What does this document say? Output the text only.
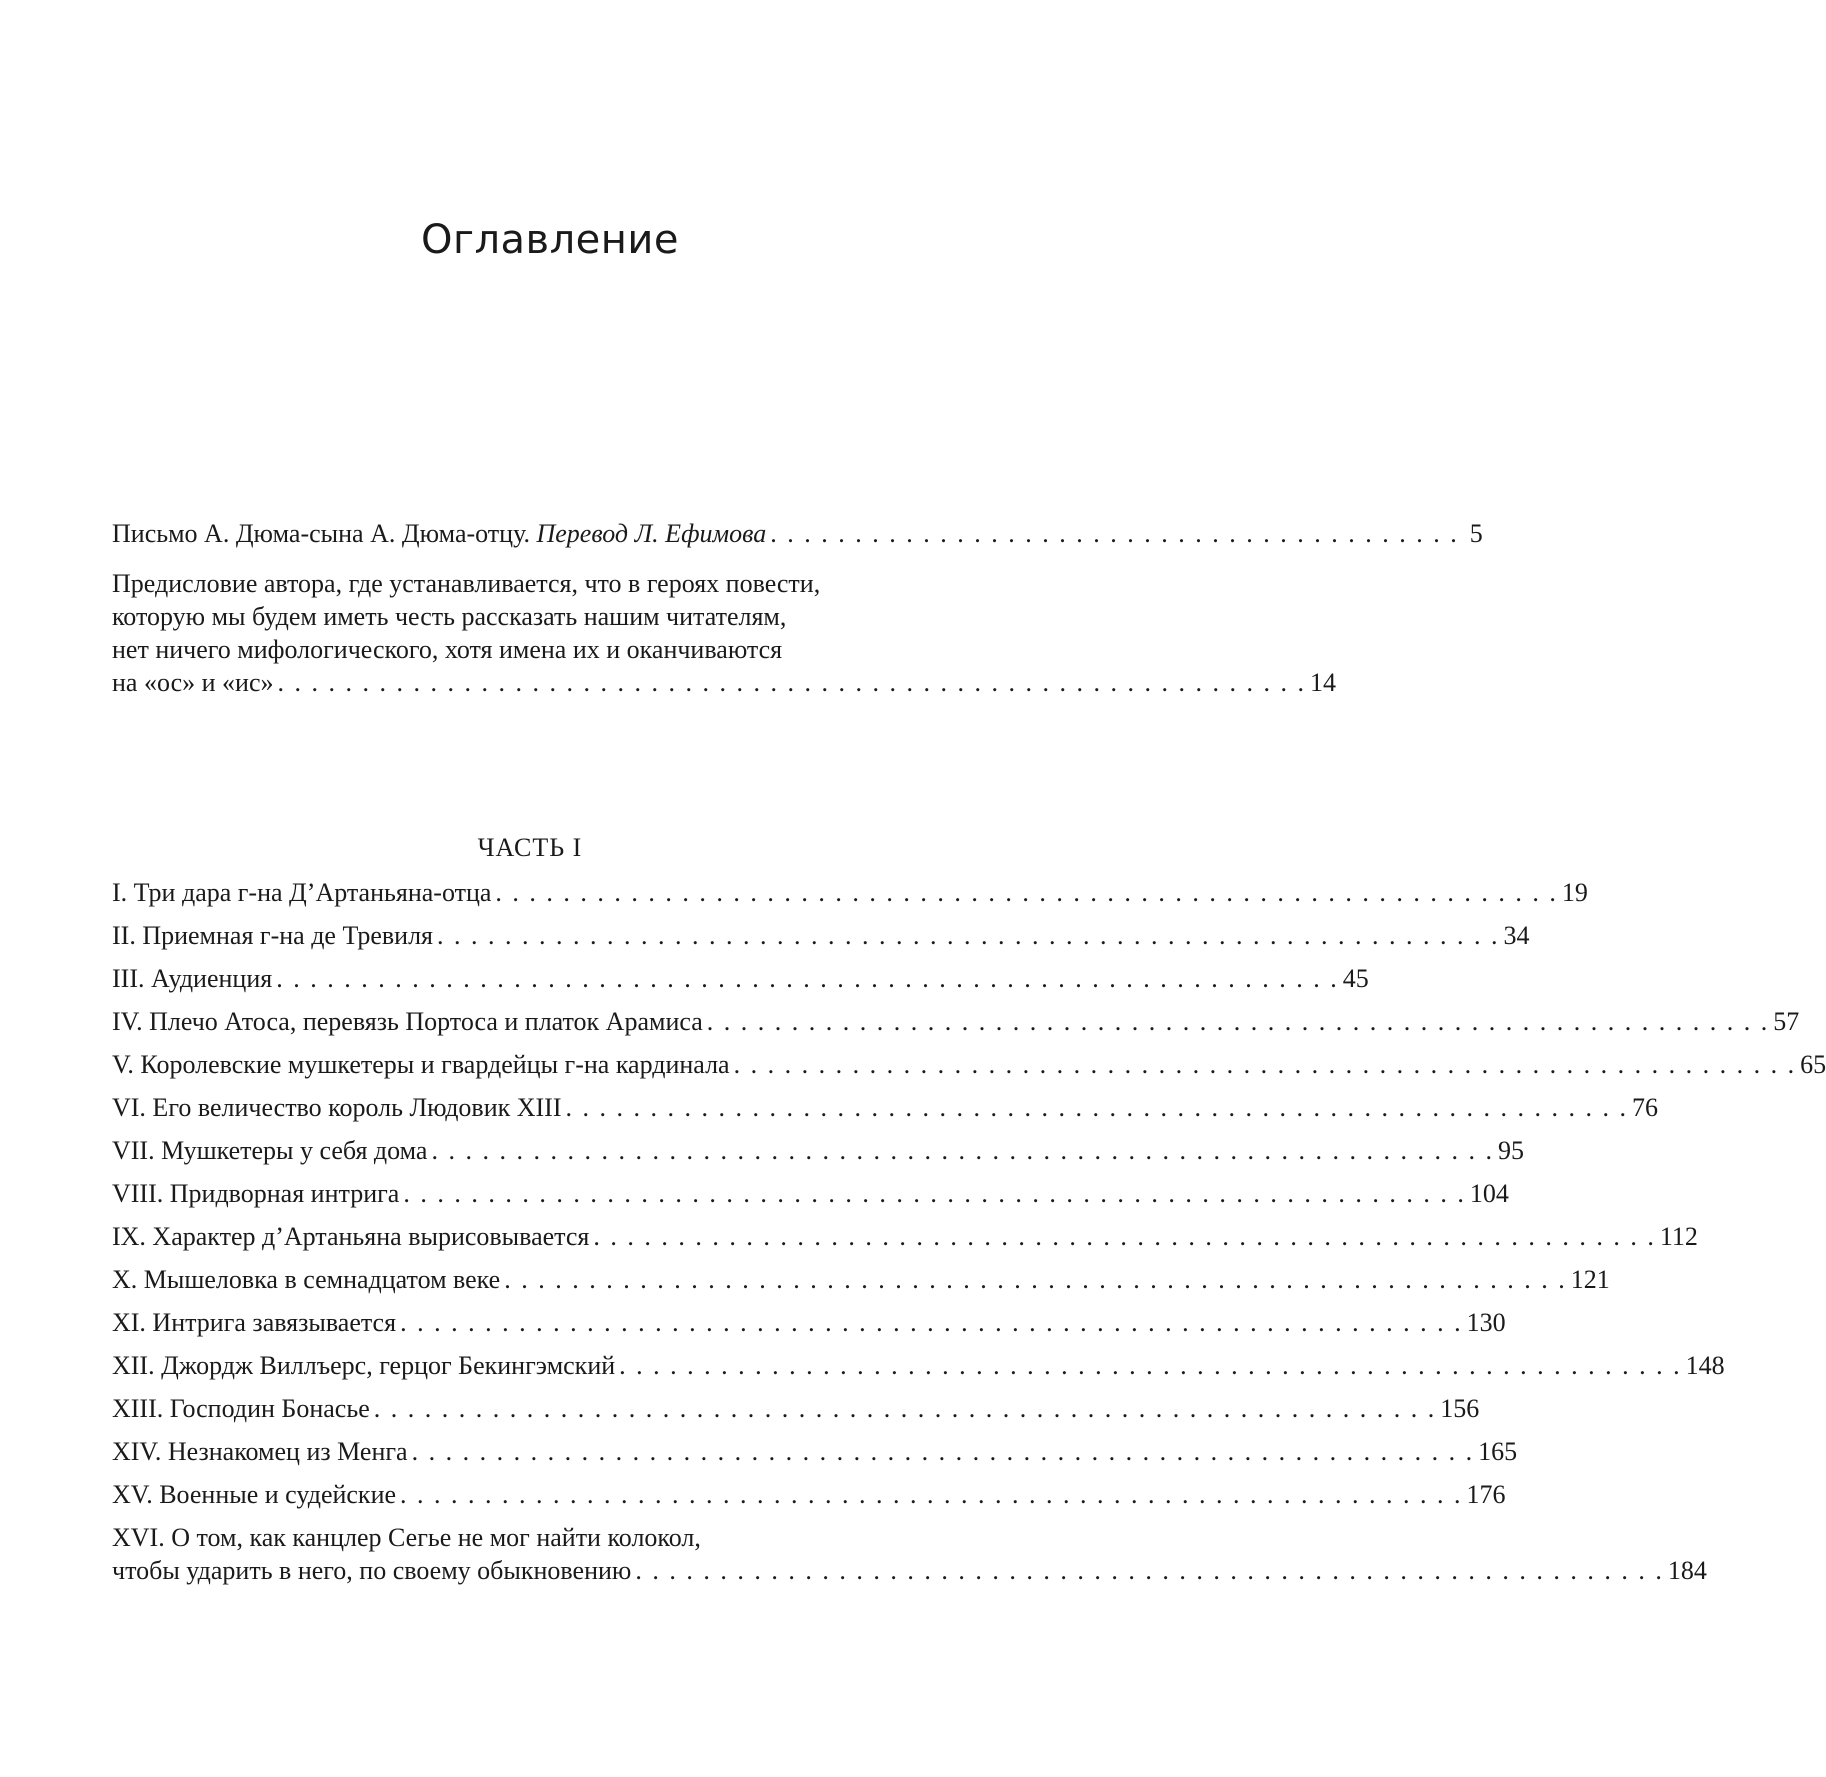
Оглавление
Письмо А. Дюма-сына А. Дюма-отцу. Перевод Л. Ефимова . . . . . . . . . . . . . . . . . . . . . . . . . . . . . . . . . . . . . . . . . 5
Предисловие автора, где устанавливается, что в героях повести,
которую мы будем иметь честь рассказать нашим читателям,
нет ничего мифологического, хотя имена их и оканчиваются
на «ос» и «ис» . . . . . . . . . . . . . . . . . . . . . . . . . . . . . . . . . . . . . . . . . . . . . . . . . . . . . . . . . . . . . 14
ЧАСТЬ I
I. Три дара г-на Д’Артаньяна-отца . . . . . . . . . . . . . . . . . . . . . . . . . . . . . . . . . . . . . . . . . . . . . . . . . . . . . . . . . . . . . . . 19
II. Приемная г-на де Тревиля . . . . . . . . . . . . . . . . . . . . . . . . . . . . . . . . . . . . . . . . . . . . . . . . . . . . . . . . . . . . . . . 34
III. Аудиенция . . . . . . . . . . . . . . . . . . . . . . . . . . . . . . . . . . . . . . . . . . . . . . . . . . . . . . . . . . . . . . . 45
IV. Плечо Атоса, перевязь Портоса и платок Арамиса . . . . . . . . . . . . . . . . . . . . . . . . . . . . . . . . . . . . . . . . . . . . . . . . . . . . . . . . . . . . . . . 57
V. Королевские мушкетеры и гвардейцы г-на кардинала . . . . . . . . . . . . . . . . . . . . . . . . . . . . . . . . . . . . . . . . . . . . . . . . . . . . . . . . . . . . . . . 65
VI. Его величество король Людовик XIII . . . . . . . . . . . . . . . . . . . . . . . . . . . . . . . . . . . . . . . . . . . . . . . . . . . . . . . . . . . . . . . 76
VII. Мушкетеры у себя дома . . . . . . . . . . . . . . . . . . . . . . . . . . . . . . . . . . . . . . . . . . . . . . . . . . . . . . . . . . . . . . . 95
VIII. Придворная интрига . . . . . . . . . . . . . . . . . . . . . . . . . . . . . . . . . . . . . . . . . . . . . . . . . . . . . . . . . . . . . . . 104
IX. Характер д’Артаньяна вырисовывается . . . . . . . . . . . . . . . . . . . . . . . . . . . . . . . . . . . . . . . . . . . . . . . . . . . . . . . . . . . . . . . 112
X. Мышеловка в семнадцатом веке . . . . . . . . . . . . . . . . . . . . . . . . . . . . . . . . . . . . . . . . . . . . . . . . . . . . . . . . . . . . . . . 121
XI. Интрига завязывается . . . . . . . . . . . . . . . . . . . . . . . . . . . . . . . . . . . . . . . . . . . . . . . . . . . . . . . . . . . . . . . 130
XII. Джордж Виллъерс, герцог Бекингэмский . . . . . . . . . . . . . . . . . . . . . . . . . . . . . . . . . . . . . . . . . . . . . . . . . . . . . . . . . . . . . . . 148
XIII. Господин Бонасье . . . . . . . . . . . . . . . . . . . . . . . . . . . . . . . . . . . . . . . . . . . . . . . . . . . . . . . . . . . . . . . 156
XIV. Незнакомец из Менга . . . . . . . . . . . . . . . . . . . . . . . . . . . . . . . . . . . . . . . . . . . . . . . . . . . . . . . . . . . . . . . 165
XV. Военные и судейские . . . . . . . . . . . . . . . . . . . . . . . . . . . . . . . . . . . . . . . . . . . . . . . . . . . . . . . . . . . . . . . 176
XVI. О том, как канцлер Сегье не мог найти колокол,
чтобы ударить в него, по своему обыкновению . . . . . . . . . . . . . . . . . . . . . . . . . . . . . . . . . . . . . . . . . . . . . . . . . . . . . . . . . . . . . 184
